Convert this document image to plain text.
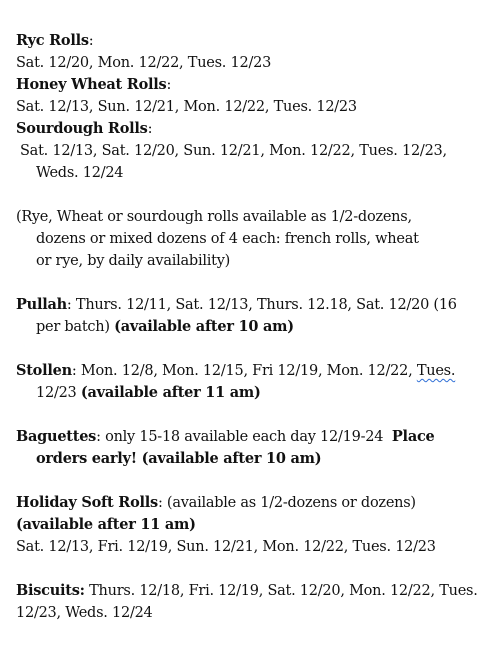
Ryc Rolls:
Sat. 12/20, Mon. 12/22, Tues. 12/23
Honey Wheat Rolls:
Sat. 12/13, Sun. 12/21, Mon. 12/22, Tues. 12/23
Sourdough Rolls:
Sat. 12/13, Sat. 12/20, Sun. 12/21, Mon. 12/22, Tues. 12/23,
Weds. 12/24
(Rye, Wheat or sourdough rolls available as 1/2-dozens,
dozens or mixed dozens of 4 each: french rolls, wheat
or rye, by daily availability)
Pullah: Thurs. 12/11, Sat. 12/13, Thurs. 12.18, Sat. 12/20 (16
per batch) (available after 10 am)
Stollen: Mon. 12/8, Mon. 12/15, Fri 12/19, Mon. 12/22, Tues.
12/23 (available after 11 am)
Baguettes: only 15-18 available each day 12/19-24 Place
orders early! (available after 10 am)
Holiday Soft Rolls: (available as 1/2-dozens or dozens)
(available after 11 am)
Sat. 12/13, Fri. 12/19, Sun. 12/21, Mon. 12/22, Tues. 12/23
Biscuits: Thurs. 12/18, Fri. 12/19, Sat. 12/20, Mon. 12/22, Tues.
12/23, Weds. 12/24
